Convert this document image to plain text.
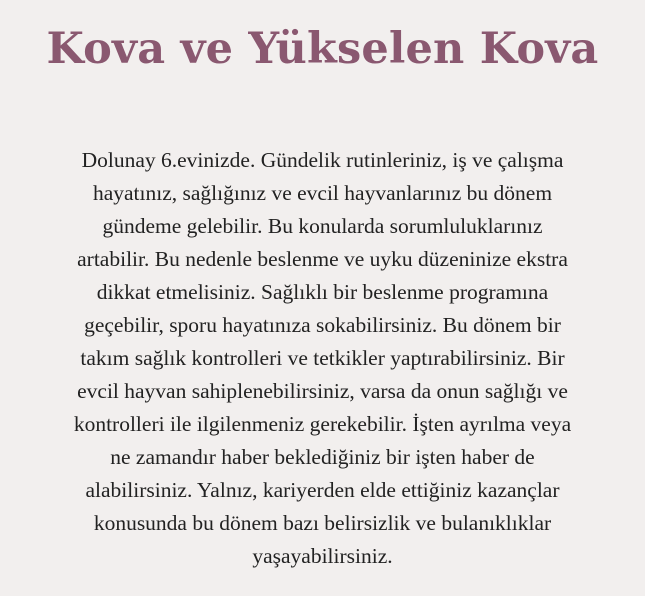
Kova ve Yükselen Kova

Dolunay 6.evinizde. Gündelik rutinleriniz, iş ve çalışma
hayatınız, sağlığınız ve evcil hayvanlarınız bu dönem
gündeme gelebilir. Bu konularda sorumluluklarınız
artabilir. Bu nedenle beslenme ve uyku düzeninize ekstra
dikkat etmelisiniz. Sağlıklı bir beslenme programına
geçebilir, sporu hayatınıza sokabilirsiniz. Bu dönem bir
takım sağlık kontrolleri ve tetkikler yaptırabilirsiniz. Bir
evcil hayvan sahiplenebilirsiniz, varsa da onun sağlığı ve
kontrolleri ile ilgilenmeniz gerekebilir. İşten ayrılma veya
ne zamandır haber beklediğiniz bir işten haber de
alabilirsiniz. Yalnız, kariyerden elde ettiğiniz kazançlar
konusunda bu dönem bazı belirsizlik ve bulanıklıklar
yaşayabilirsiniz.
